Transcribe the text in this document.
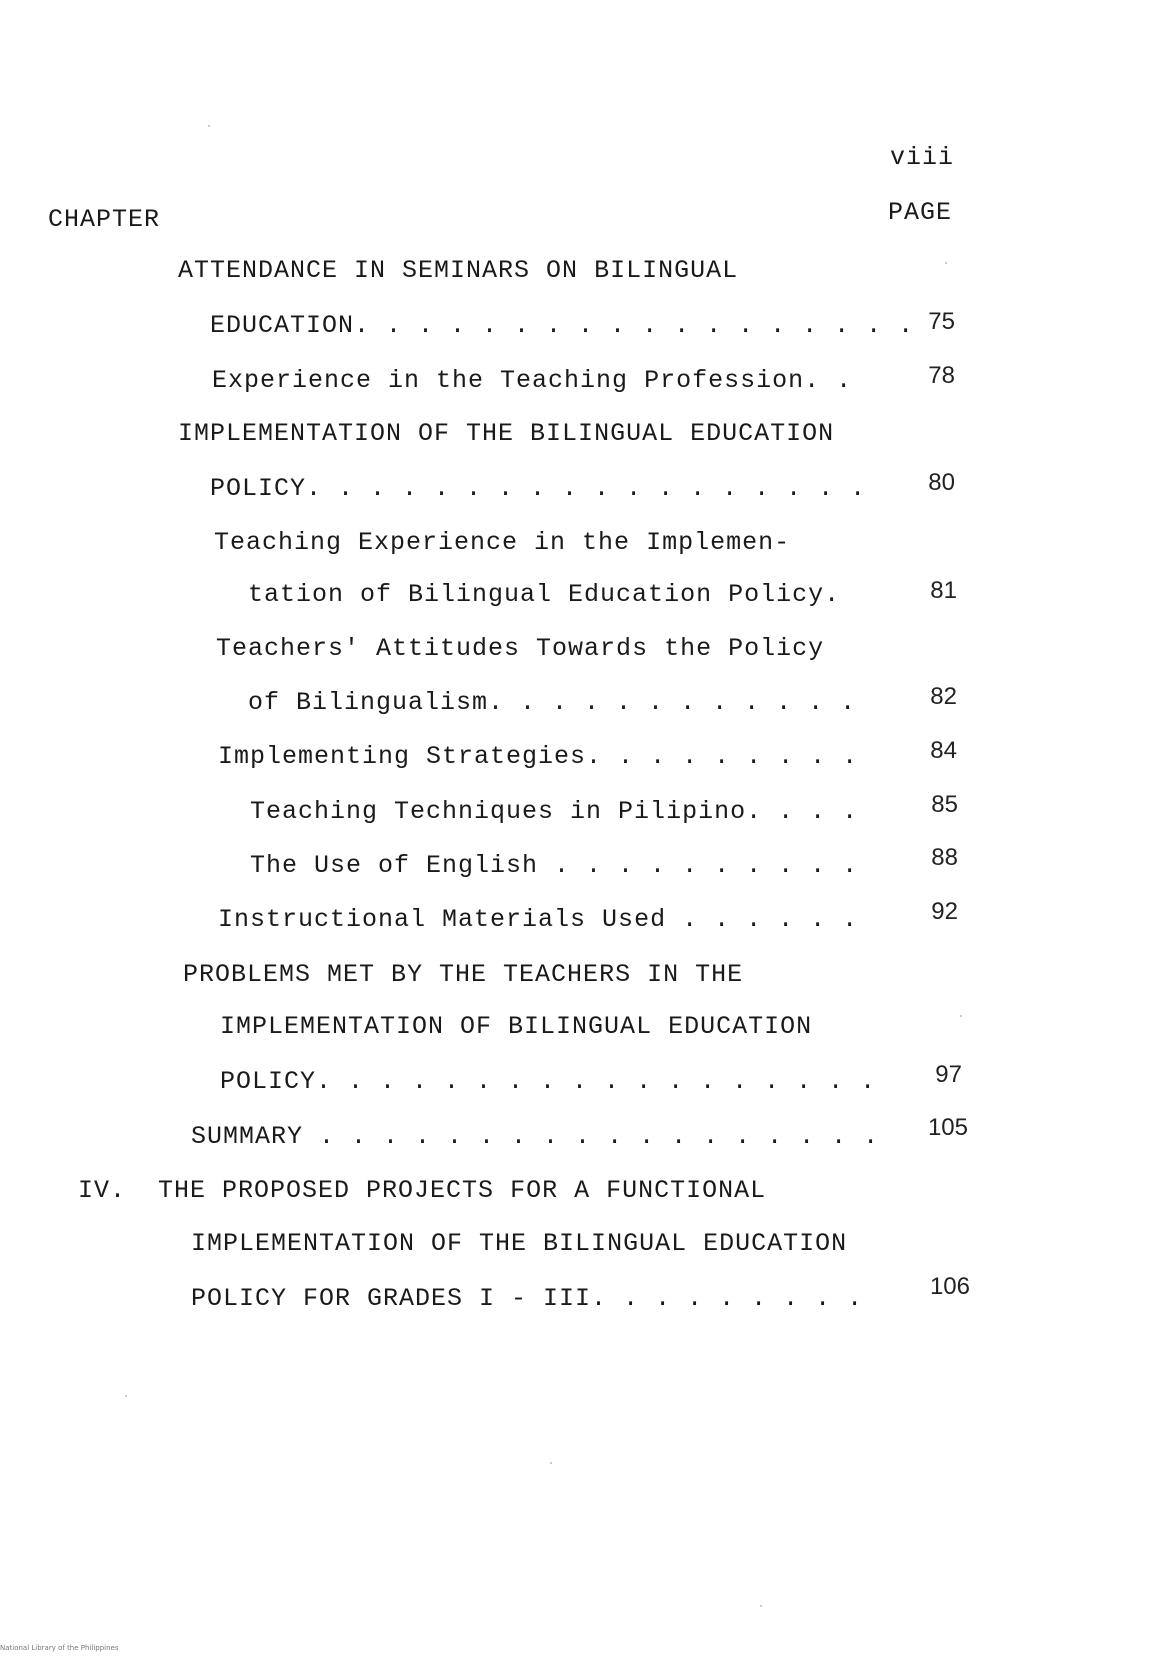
viii
CHAPTER	PAGE
ATTENDANCE IN SEMINARS ON BILINGUAL
EDUCATION. . . . . . . . . . . . . . . . . . 75
Experience in the Teaching Profession. .	78
IMPLEMENTATION OF THE BILINGUAL EDUCATION
POLICY. . . . . . . . . . . . . . . . . .	80
Teaching Experience in the Implemen-
tation of Bilingual Education Policy.	81
Teachers' Attitudes Towards the Policy
of Bilingualism. . . . . . . . . . . .	82
Implementing Strategies. . . . . . . . .	84
Teaching Techniques in Pilipino. . . .	85
The Use of English . . . . . . . . . .	88
Instructional Materials Used . . . . . .	92
PROBLEMS MET BY THE TEACHERS IN THE
IMPLEMENTATION OF BILINGUAL EDUCATION
POLICY. . . . . . . . . . . . . . . . . .	97
SUMMARY . . . . . . . . . . . . . . . . . .	105
IV.  THE PROPOSED PROJECTS FOR A FUNCTIONAL
IMPLEMENTATION OF THE BILINGUAL EDUCATION
POLICY FOR GRADES I - III. . . . . . . . .	106
National Library of the Philippines
